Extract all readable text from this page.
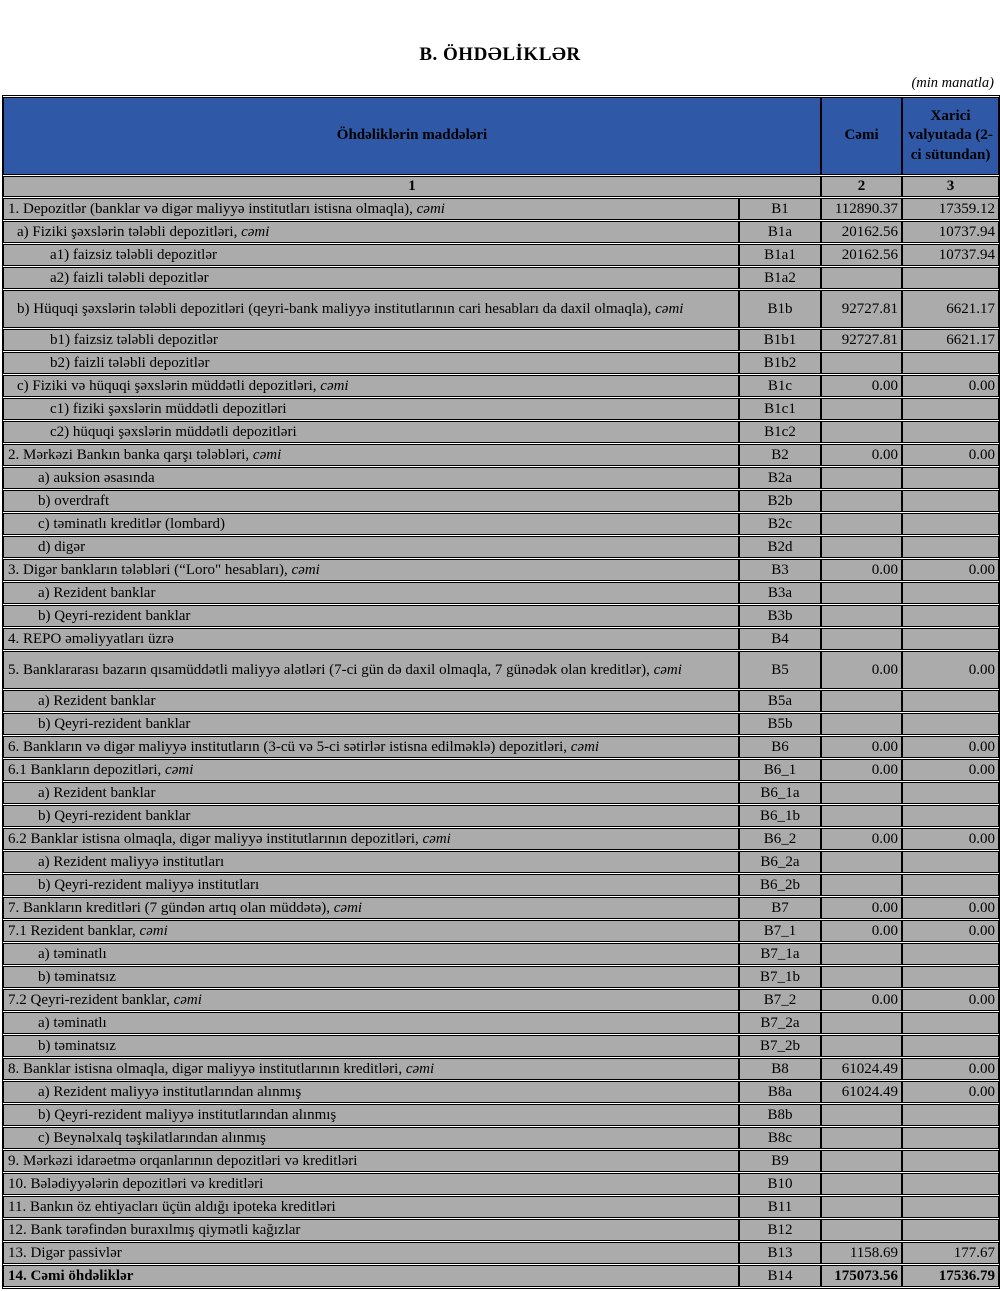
B. ÖHDƏLİKLƏR
(min manatla)
Öhdəliklərin maddələri		Cəmi	Xarici valyutada (2-ci sütundan)
1		2	3
1. Depozitlər (banklar və digər maliyyə institutları istisna olmaqla), cəmi	B1	112890.37	17359.12
a) Fiziki şəxslərin tələbli depozitləri, cəmi	B1a	20162.56	10737.94
a1) faizsiz tələbli depozitlər	B1a1	20162.56	10737.94
a2) faizli tələbli depozitlər	B1a2		
b) Hüquqi şəxslərin tələbli depozitləri (qeyri-bank maliyyə institutlarının cari hesabları da daxil olmaqla), cəmi	B1b	92727.81	6621.17
b1) faizsiz tələbli depozitlər	B1b1	92727.81	6621.17
b2) faizli tələbli depozitlər	B1b2		
c) Fiziki və hüquqi şəxslərin müddətli depozitləri, cəmi	B1c	0.00	0.00
c1) fiziki şəxslərin müddətli depozitləri	B1c1		
c2) hüquqi şəxslərin müddətli depozitləri	B1c2		
2. Mərkəzi Bankın banka qarşı tələbləri, cəmi	B2	0.00	0.00
a) auksion əsasında	B2a		
b) overdraft	B2b		
c) təminatlı kreditlər (lombard)	B2c		
d) digər	B2d		
3. Digər bankların tələbləri (“Loro" hesabları), cəmi	B3	0.00	0.00
a) Rezident banklar	B3a		
b) Qeyri-rezident banklar	B3b		
4. REPO əməliyyatları üzrə	B4		
5. Banklararası bazarın qısamüddətli maliyyə alətləri (7-ci gün də daxil olmaqla, 7 günədək olan kreditlər), cəmi	B5	0.00	0.00
a) Rezident banklar	B5a		
b) Qeyri-rezident banklar	B5b		
6. Bankların və digər maliyyə institutların (3-cü və 5-ci sətirlər istisna edilməklə) depozitləri, cəmi	B6	0.00	0.00
6.1 Bankların depozitləri, cəmi	B6_1	0.00	0.00
a) Rezident banklar	B6_1a		
b) Qeyri-rezident banklar	B6_1b		
6.2 Banklar istisna olmaqla, digər maliyyə institutlarının depozitləri, cəmi	B6_2	0.00	0.00
a) Rezident maliyyə institutları	B6_2a		
b) Qeyri-rezident maliyyə institutları	B6_2b		
7. Bankların kreditləri (7 gündən artıq olan müddətə), cəmi	B7	0.00	0.00
7.1 Rezident banklar, cəmi	B7_1	0.00	0.00
a) təminatlı	B7_1a		
b) təminatsız	B7_1b		
7.2 Qeyri-rezident banklar, cəmi	B7_2	0.00	0.00
a) təminatlı	B7_2a		
b) təminatsız	B7_2b		
8. Banklar istisna olmaqla, digər maliyyə institutlarının kreditləri, cəmi	B8	61024.49	0.00
a) Rezident maliyyə institutlarından alınmış	B8a	61024.49	0.00
b) Qeyri-rezident maliyyə institutlarından alınmış	B8b		
c) Beynəlxalq təşkilatlarından alınmış	B8c		
9. Mərkəzi idarəetmə orqanlarının depozitləri və kreditləri	B9		
10. Bələdiyyələrin depozitləri və kreditləri	B10		
11. Bankın öz ehtiyacları üçün aldığı ipoteka kreditləri	B11		
12. Bank tərəfindən buraxılmış qiymətli kağızlar	B12		
13. Digər passivlər	B13	1158.69	177.67
14. Cəmi öhdəliklər	B14	175073.56	17536.79
